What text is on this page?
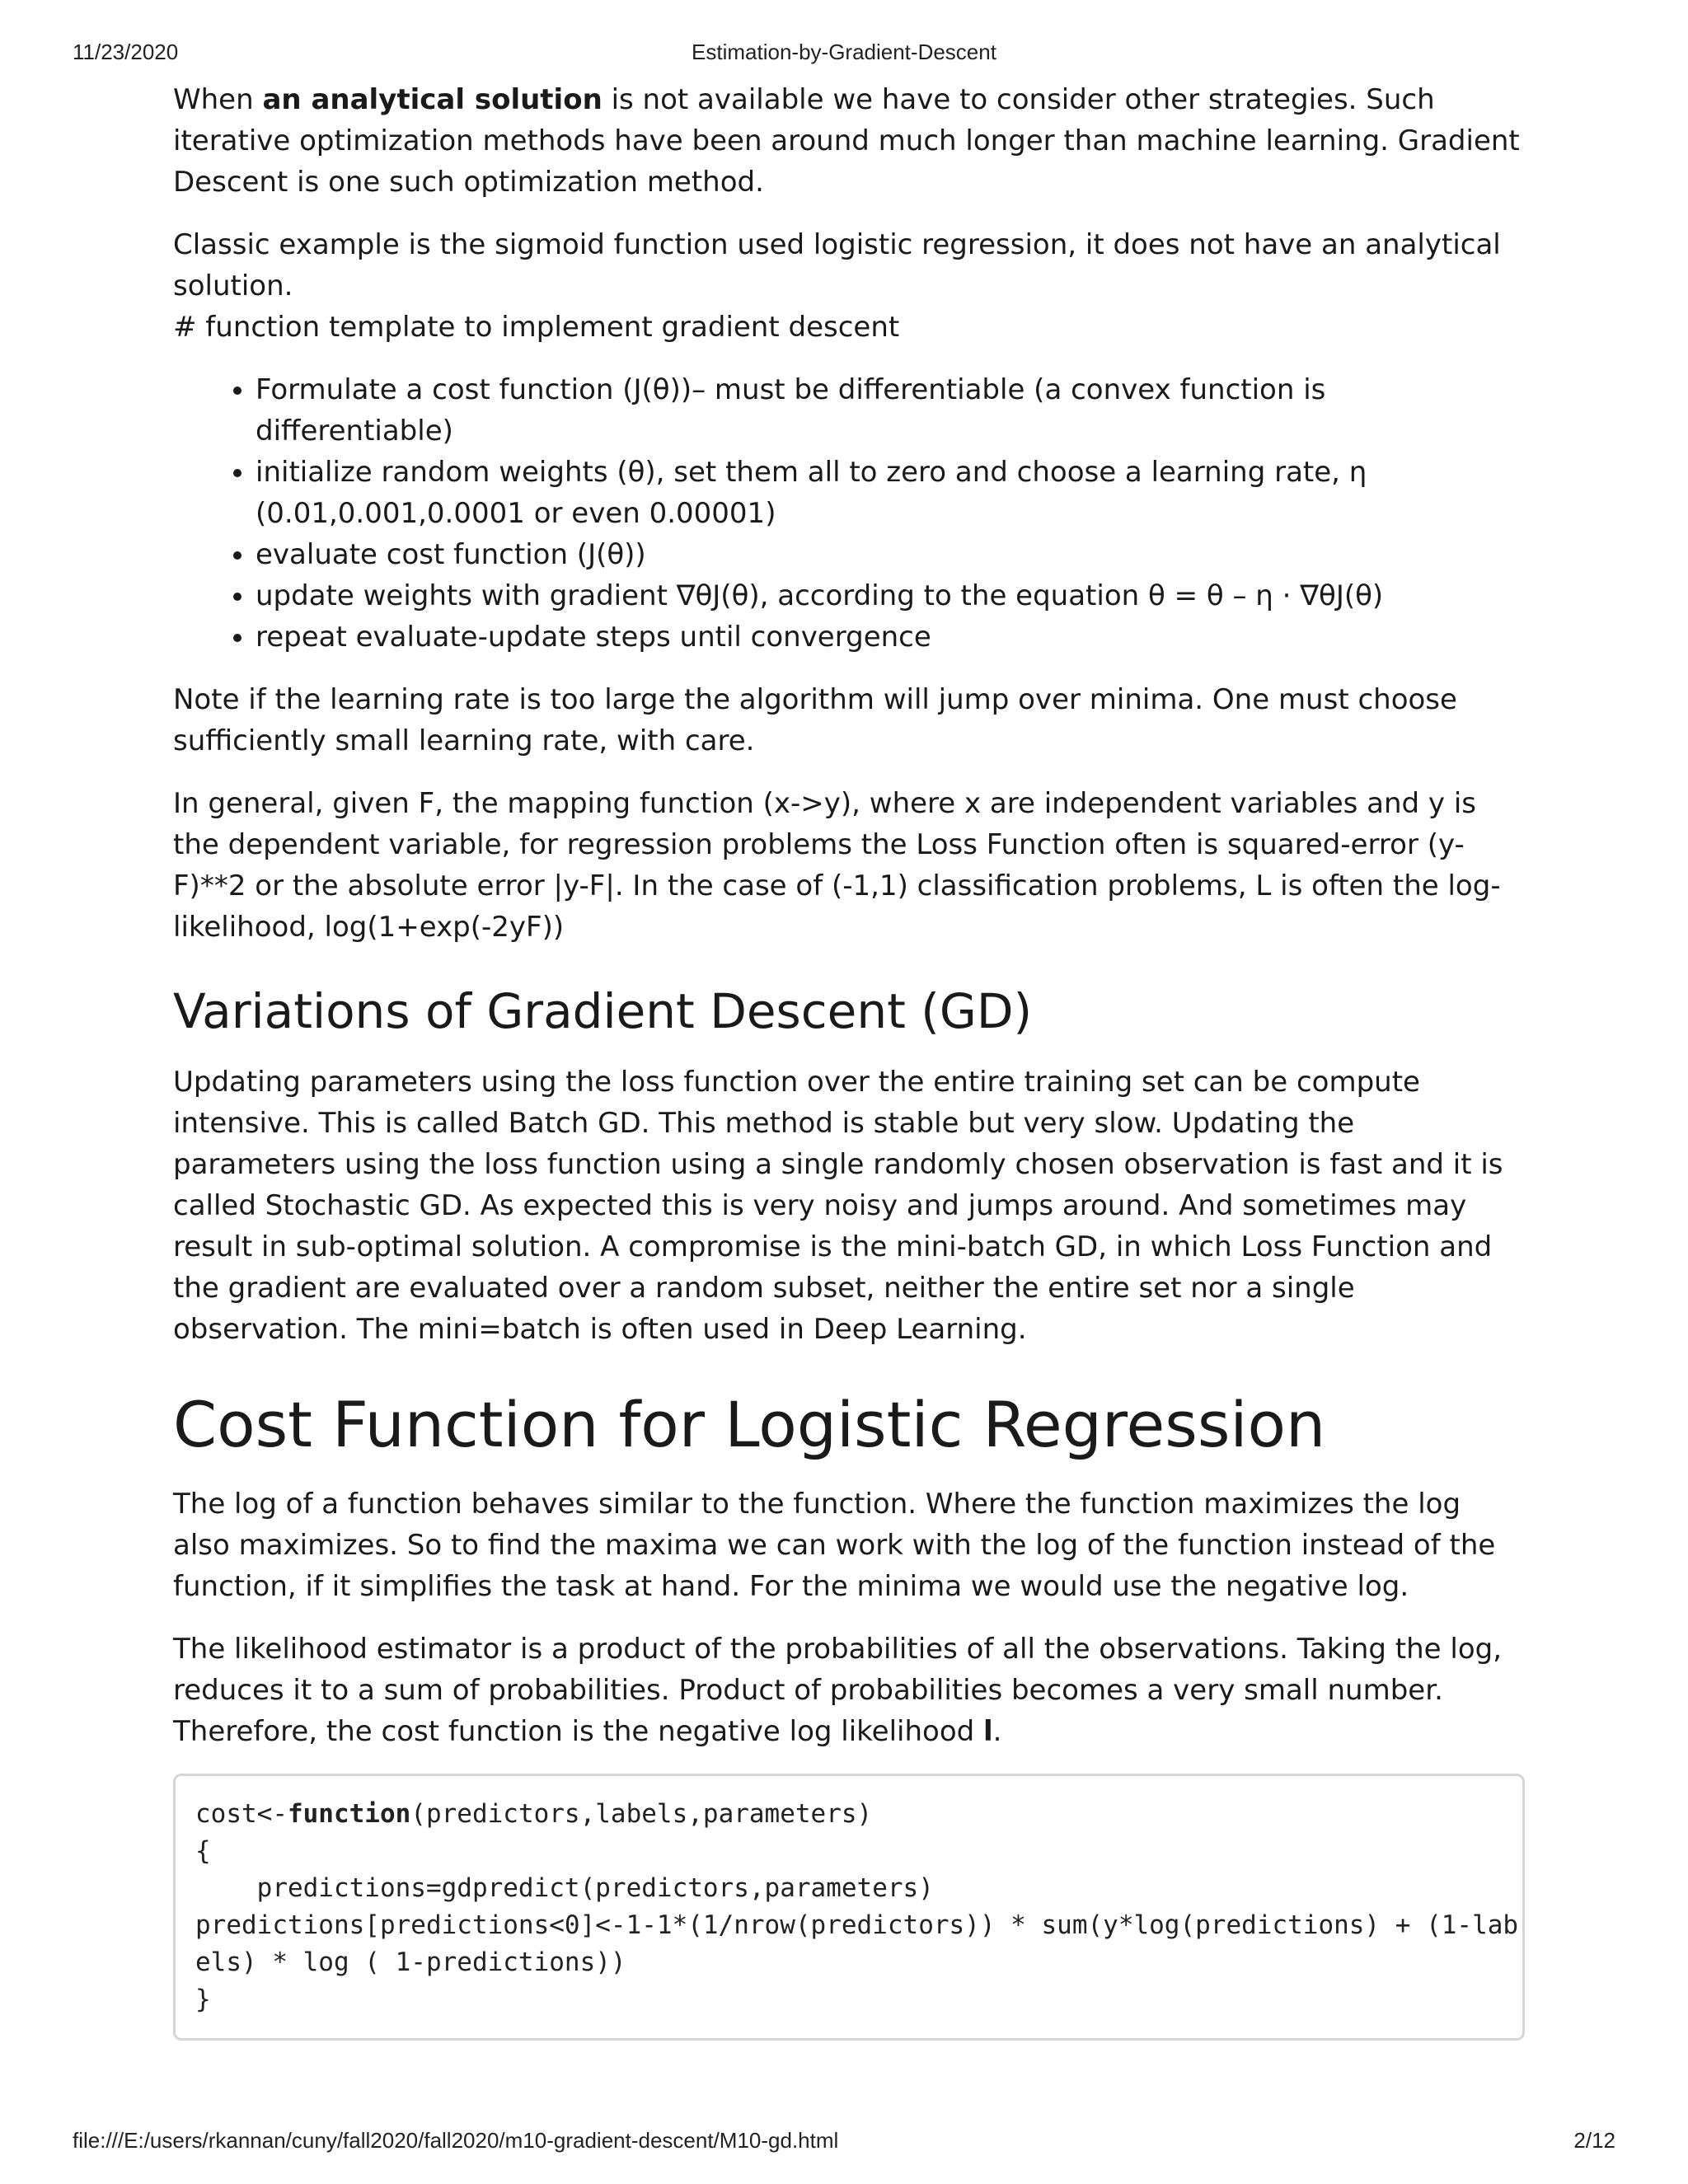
11/23/2020	Estimation-by-Gradient-Descent

When an analytical solution is not available we have to consider other strategies. Such iterative optimization methods have been around much longer than machine learning. Gradient Descent is one such optimization method.

Classic example is the sigmoid function used logistic regression, it does not have an analytical solution.
# function template to implement gradient descent

• Formulate a cost function (J(θ))– must be differentiable (a convex function is differentiable)
• initialize random weights (θ), set them all to zero and choose a learning rate, η (0.01,0.001,0.0001 or even 0.00001)
• evaluate cost function (J(θ))
• update weights with gradient ∇θJ(θ), according to the equation θ = θ – η · ∇θJ(θ)
• repeat evaluate-update steps until convergence

Note if the learning rate is too large the algorithm will jump over minima. One must choose sufficiently small learning rate, with care.

In general, given F, the mapping function (x->y), where x are independent variables and y is the dependent variable, for regression problems the Loss Function often is squared-error (y-F)**2 or the absolute error |y-F|. In the case of (-1,1) classification problems, L is often the log-likelihood, log(1+exp(-2yF))

Variations of Gradient Descent (GD)

Updating parameters using the loss function over the entire training set can be compute intensive. This is called Batch GD. This method is stable but very slow. Updating the parameters using the loss function using a single randomly chosen observation is fast and it is called Stochastic GD. As expected this is very noisy and jumps around. And sometimes may result in sub-optimal solution. A compromise is the mini-batch GD, in which Loss Function and the gradient are evaluated over a random subset, neither the entire set nor a single observation. The mini=batch is often used in Deep Learning.

Cost Function for Logistic Regression

The log of a function behaves similar to the function. Where the function maximizes the log also maximizes. So to find the maxima we can work with the log of the function instead of the function, if it simplifies the task at hand. For the minima we would use the negative log.

The likelihood estimator is a product of the probabilities of all the observations. Taking the log, reduces it to a sum of probabilities. Product of probabilities becomes a very small number. Therefore, the cost function is the negative log likelihood l.

cost<-function(predictors,labels,parameters)
{
predictions=gdpredict(predictors,parameters)
predictions[predictions<0]<-1-1*(1/nrow(predictors)) * sum(y*log(predictions) + (1-lab
els) * log ( 1-predictions))
}
file:///E:/users/rkannan/cuny/fall2020/fall2020/m10-gradient-descent/M10-gd.html	2/12
